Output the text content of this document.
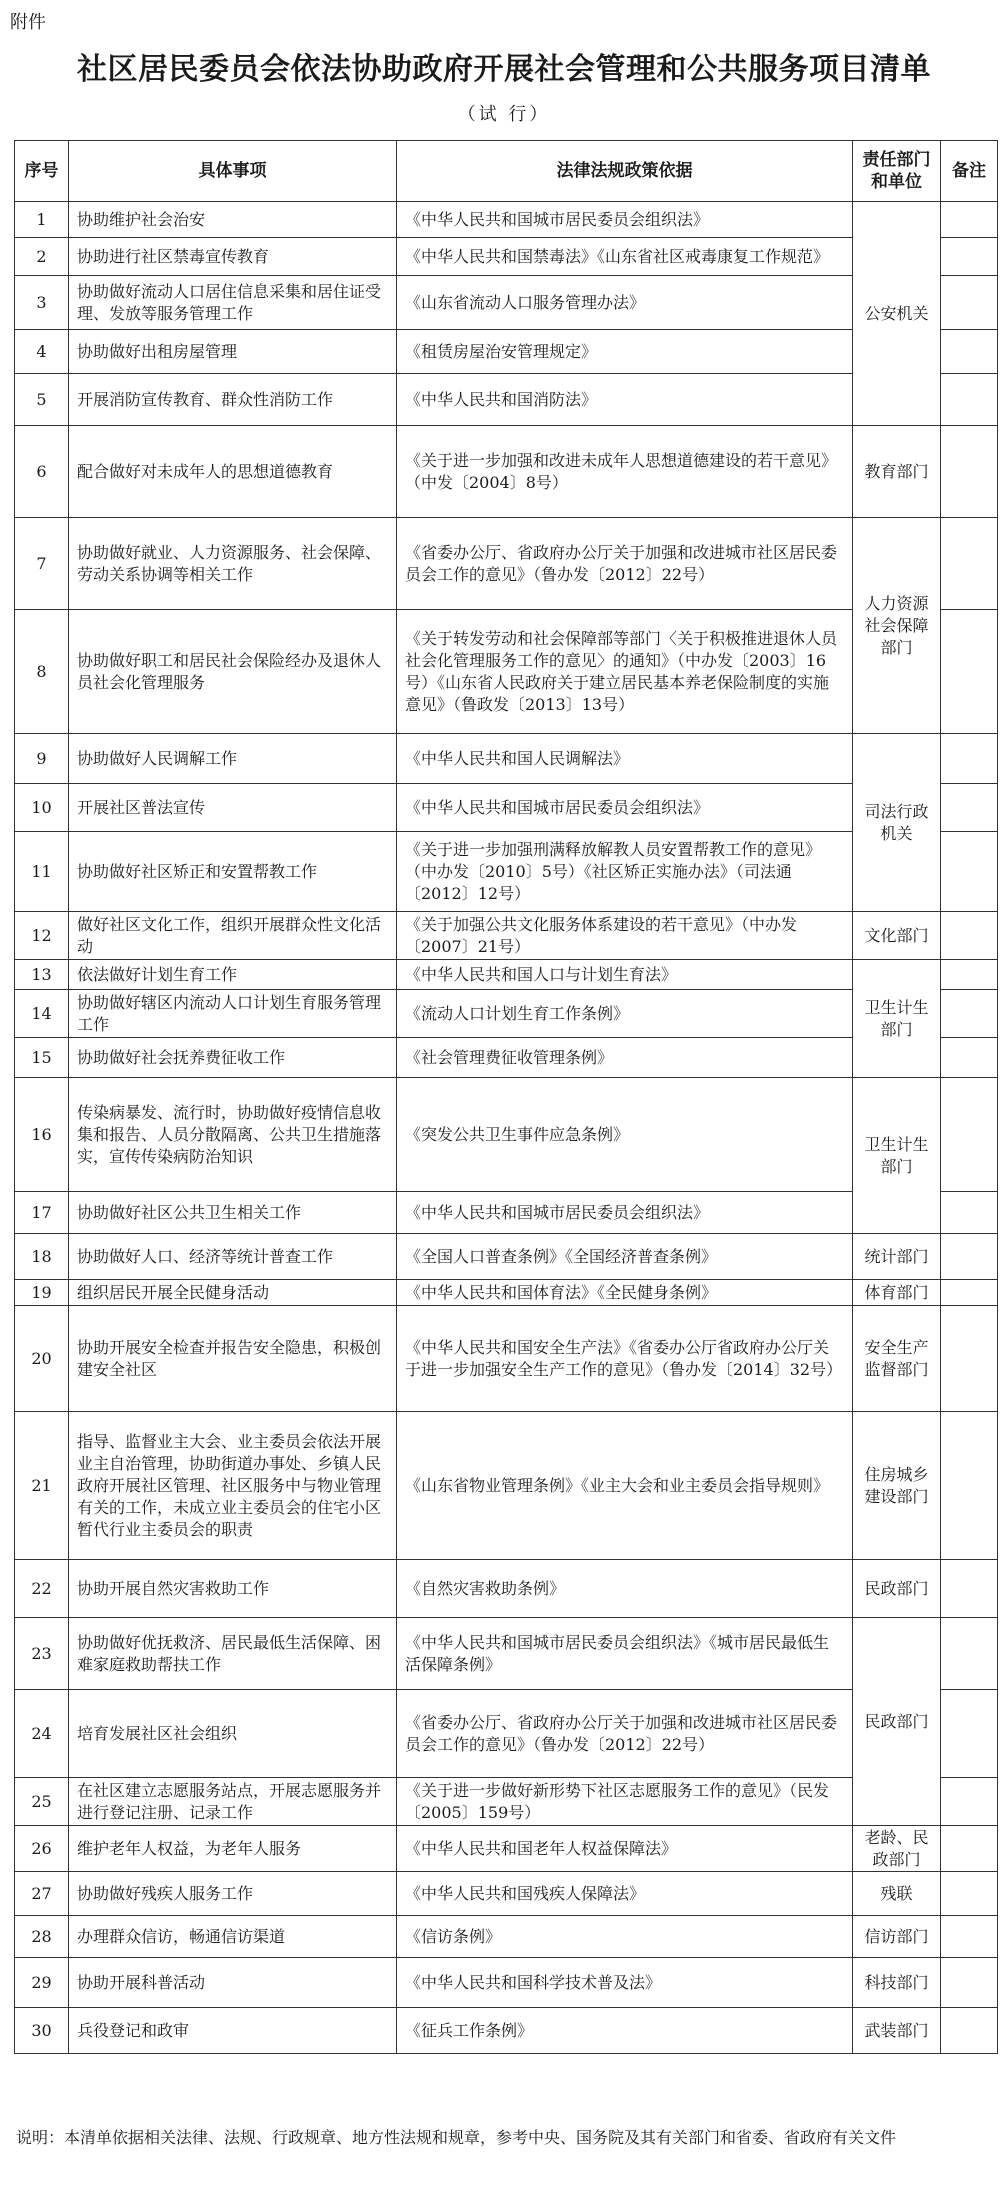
附件
社区居民委员会依法协助政府开展社会管理和公共服务项目清单
（试 行）
序号	具体事项	法律法规政策依据	责任部门和单位	备注
1	协助维护社会治安	《中华人民共和国城市居民委员会组织法》	公安机关	
2	协助进行社区禁毒宣传教育	《中华人民共和国禁毒法》《山东省社区戒毒康复工作规范》		
3	协助做好流动人口居住信息采集和居住证受理、发放等服务管理工作	《山东省流动人口服务管理办法》		
4	协助做好出租房屋管理	《租赁房屋治安管理规定》		
5	开展消防宣传教育、群众性消防工作	《中华人民共和国消防法》		
6	配合做好对未成年人的思想道德教育	《关于进一步加强和改进未成年人思想道德建设的若干意见》（中发〔2004〕8号）	教育部门	
7	协助做好就业、人力资源服务、社会保障、劳动关系协调等相关工作	《省委办公厅、省政府办公厅关于加强和改进城市社区居民委员会工作的意见》（鲁办发〔2012〕22号）	人力资源社会保障部门	
8	协助做好职工和居民社会保险经办及退休人员社会化管理服务	《关于转发劳动和社会保障部等部门〈关于积极推进退休人员社会化管理服务工作的意见〉的通知》（中办发〔2003〕16号）《山东省人民政府关于建立居民基本养老保险制度的实施意见》（鲁政发〔2013〕13号）		
9	协助做好人民调解工作	《中华人民共和国人民调解法》	司法行政机关	
10	开展社区普法宣传	《中华人民共和国城市居民委员会组织法》		
11	协助做好社区矫正和安置帮教工作	《关于进一步加强刑满释放解教人员安置帮教工作的意见》（中办发〔2010〕5号）《社区矫正实施办法》（司法通〔2012〕12号）		
12	做好社区文化工作，组织开展群众性文化活动	《关于加强公共文化服务体系建设的若干意见》（中办发〔2007〕21号）	文化部门	
13	依法做好计划生育工作	《中华人民共和国人口与计划生育法》	卫生计生部门	
14	协助做好辖区内流动人口计划生育服务管理工作	《流动人口计划生育工作条例》		
15	协助做好社会抚养费征收工作	《社会管理费征收管理条例》		
16	传染病暴发、流行时，协助做好疫情信息收集和报告、人员分散隔离、公共卫生措施落实，宣传传染病防治知识	《突发公共卫生事件应急条例》	卫生计生部门	
17	协助做好社区公共卫生相关工作	《中华人民共和国城市居民委员会组织法》		
18	协助做好人口、经济等统计普查工作	《全国人口普查条例》《全国经济普查条例》	统计部门	
19	组织居民开展全民健身活动	《中华人民共和国体育法》《全民健身条例》	体育部门	
20	协助开展安全检查并报告安全隐患，积极创建安全社区	《中华人民共和国安全生产法》《省委办公厅省政府办公厅关于进一步加强安全生产工作的意见》（鲁办发〔2014〕32号）	安全生产监督部门	
21	指导、监督业主大会、业主委员会依法开展业主自治管理，协助街道办事处、乡镇人民政府开展社区管理、社区服务中与物业管理有关的工作，未成立业主委员会的住宅小区暂代行业主委员会的职责	《山东省物业管理条例》《业主大会和业主委员会指导规则》	住房城乡建设部门	
22	协助开展自然灾害救助工作	《自然灾害救助条例》	民政部门	
23	协助做好优抚救济、居民最低生活保障、困难家庭救助帮扶工作	《中华人民共和国城市居民委员会组织法》《城市居民最低生活保障条例》	民政部门	
24	培育发展社区社会组织	《省委办公厅、省政府办公厅关于加强和改进城市社区居民委员会工作的意见》（鲁办发〔2012〕22号）		
25	在社区建立志愿服务站点，开展志愿服务并进行登记注册、记录工作	《关于进一步做好新形势下社区志愿服务工作的意见》（民发〔2005〕159号）		
26	维护老年人权益，为老年人服务	《中华人民共和国老年人权益保障法》	老龄、民政部门	
27	协助做好残疾人服务工作	《中华人民共和国残疾人保障法》	残联	
28	办理群众信访，畅通信访渠道	《信访条例》	信访部门	
29	协助开展科普活动	《中华人民共和国科学技术普及法》	科技部门	
30	兵役登记和政审	《征兵工作条例》	武装部门	
说明：本清单依据相关法律、法规、行政规章、地方性法规和规章，参考中央、国务院及其有关部门和省委、省政府有关文件
